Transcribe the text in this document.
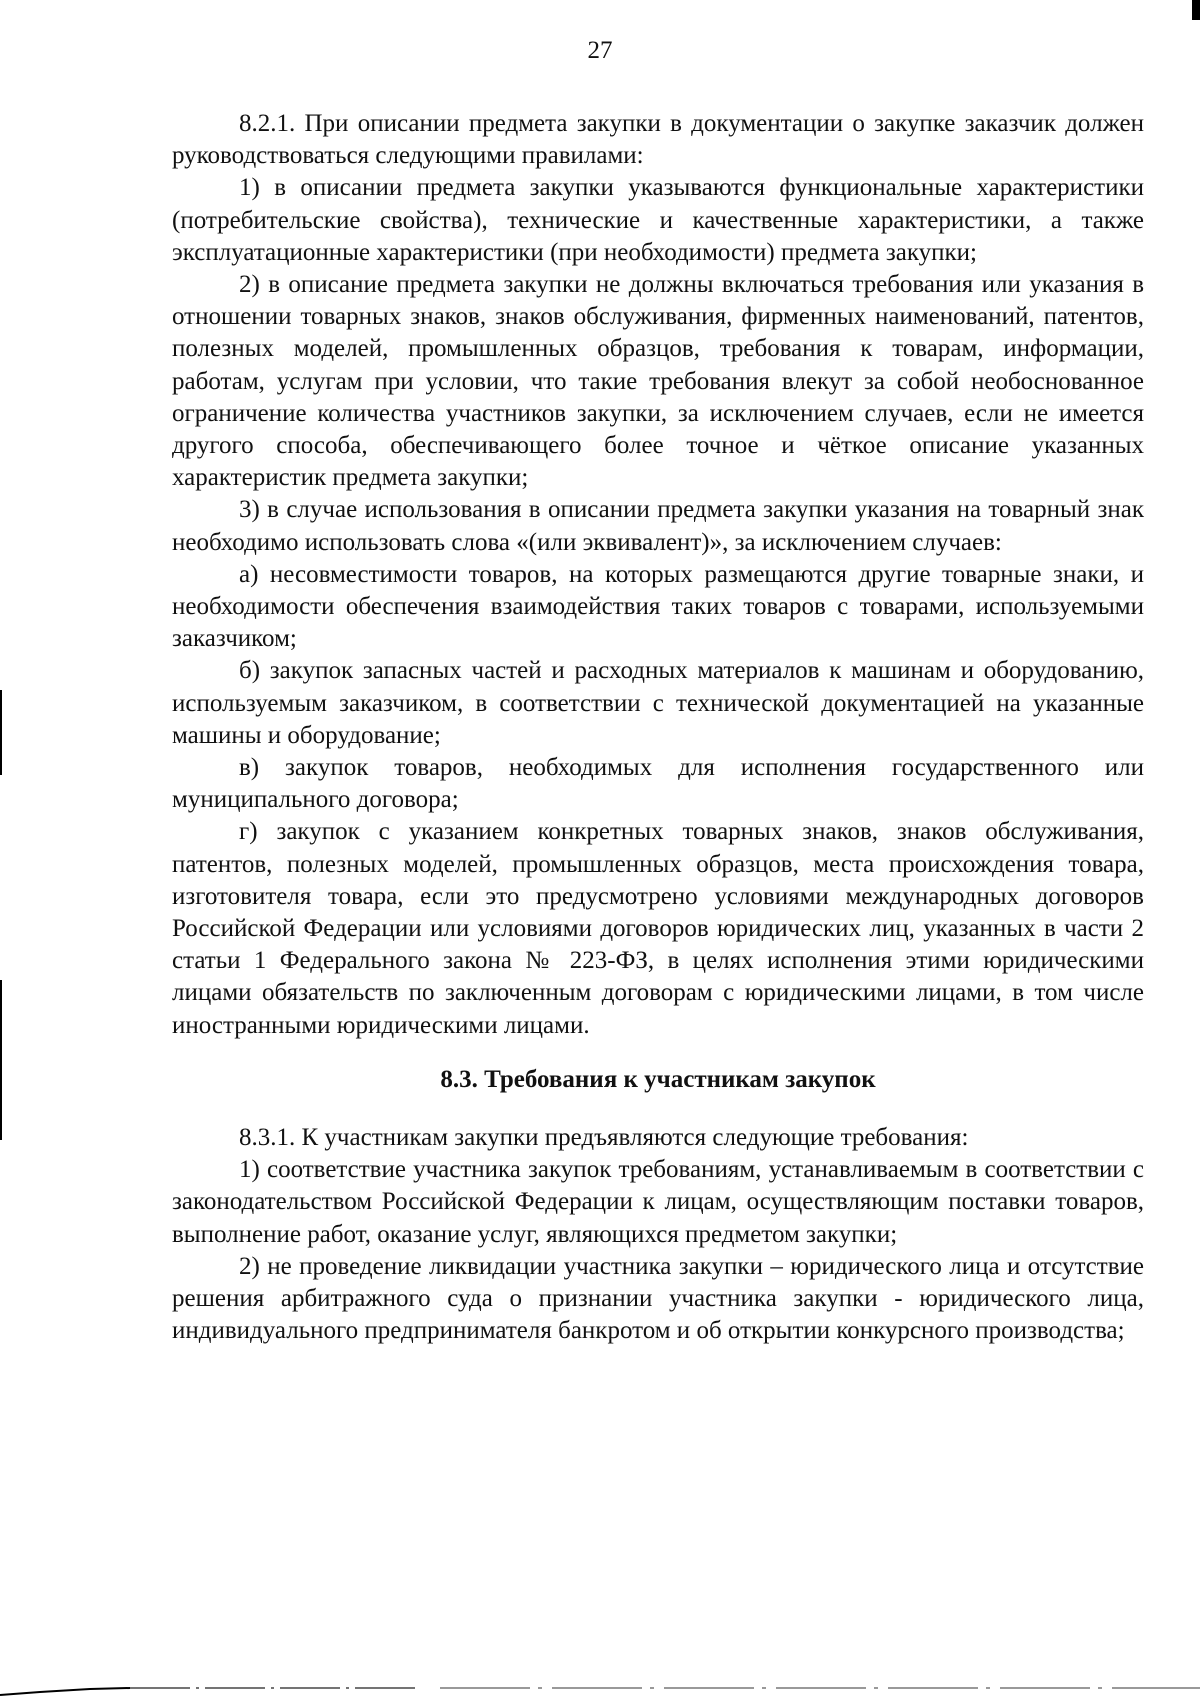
27

8.2.1. При описании предмета закупки в документации о закупке заказчик должен руководствоваться следующими правилами:

1) в описании предмета закупки указываются функциональные характеристики (потребительские свойства), технические и качественные характеристики, а также эксплуатационные характеристики (при необходимости) предмета закупки;

2) в описание предмета закупки не должны включаться требования или указания в отношении товарных знаков, знаков обслуживания, фирменных наименований, патентов, полезных моделей, промышленных образцов, требования к товарам, информации, работам, услугам при условии, что такие требования влекут за собой необоснованное ограничение количества участников закупки, за исключением случаев, если не имеется другого способа, обеспечивающего более точное и чёткое описание указанных характеристик предмета закупки;

3) в случае использования в описании предмета закупки указания на товарный знак необходимо использовать слова «(или эквивалент)», за исключением случаев:

а) несовместимости товаров, на которых размещаются другие товарные знаки, и необходимости обеспечения взаимодействия таких товаров с товарами, используемыми заказчиком;

б) закупок запасных частей и расходных материалов к машинам и оборудованию, используемым заказчиком, в соответствии с технической документацией на указанные машины и оборудование;

в) закупок товаров, необходимых для исполнения государственного или муниципального договора;

г) закупок с указанием конкретных товарных знаков, знаков обслуживания, патентов, полезных моделей, промышленных образцов, места происхождения товара, изготовителя товара, если это предусмотрено условиями международных договоров Российской Федерации или условиями договоров юридических лиц, указанных в части 2 статьи 1 Федерального закона № 223-ФЗ, в целях исполнения этими юридическими лицами обязательств по заключенным договорам с юридическими лицами, в том числе иностранными юридическими лицами.

8.3. Требования к участникам закупок

8.3.1. К участникам закупки предъявляются следующие требования:

1) соответствие участника закупок требованиям, устанавливаемым в соответствии с законодательством Российской Федерации к лицам, осуществляющим поставки товаров, выполнение работ, оказание услуг, являющихся предметом закупки;

2) не проведение ликвидации участника закупки – юридического лица и отсутствие решения арбитражного суда о признании участника закупки - юридического лица, индивидуального предпринимателя банкротом и об открытии конкурсного производства;
